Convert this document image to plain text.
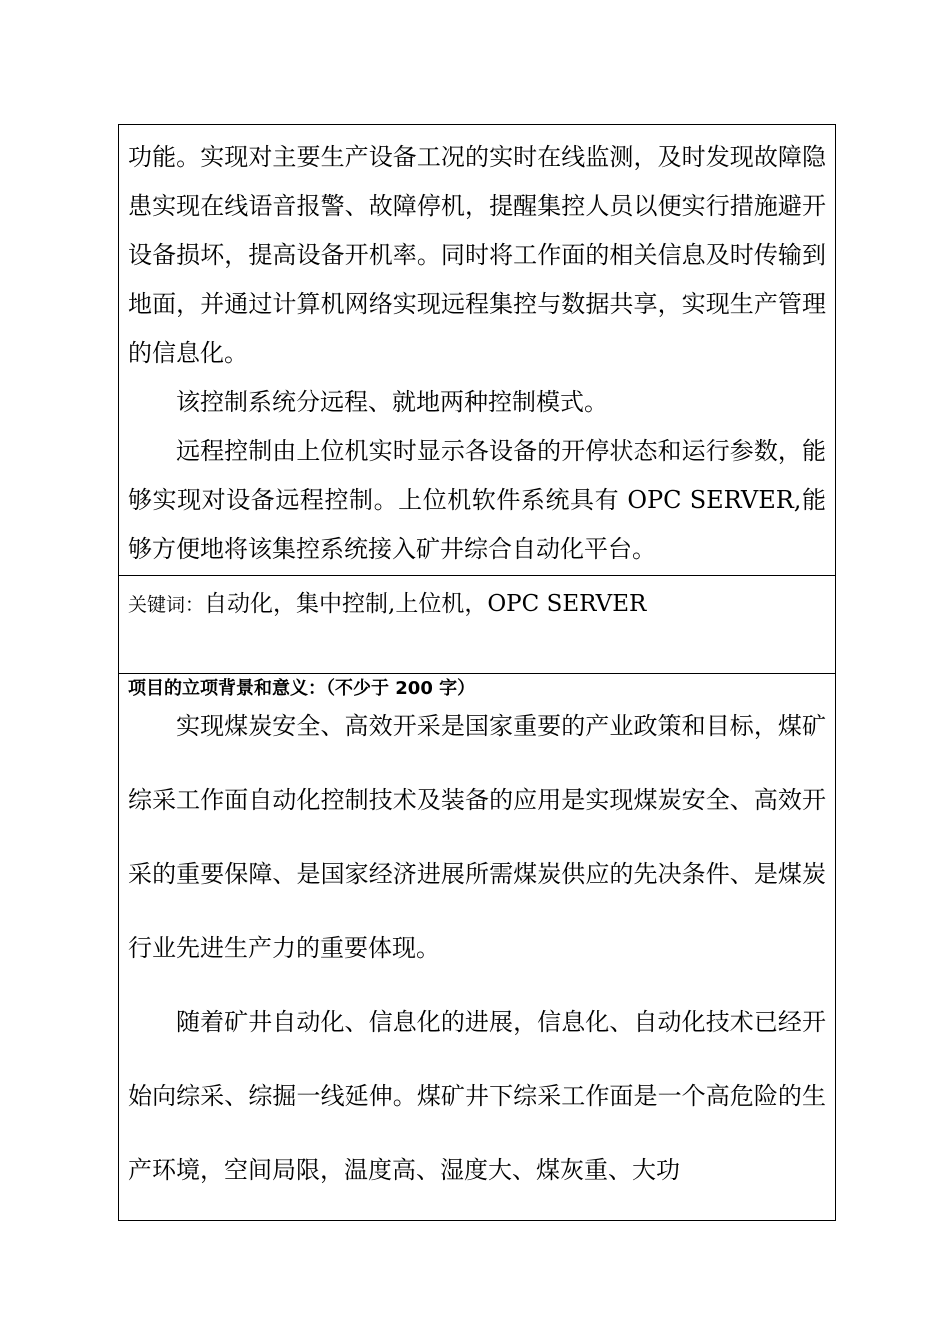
功能。实现对主要生产设备工况的实时在线监测，及时发现故障隐患实现在线语音报警、故障停机，提醒集控人员以便实行措施避开设备损坏，提高设备开机率。同时将工作面的相关信息及时传输到地面，并通过计算机网络实现远程集控与数据共享，实现生产管理的信息化。

该控制系统分远程、就地两种控制模式。

远程控制由上位机实时显示各设备的开停状态和运行参数，能够实现对设备远程控制。上位机软件系统具有 OPC SERVER,能够方便地将该集控系统接入矿井综合自动化平台。

关键词：自动化，集中控制,上位机，OPC SERVER
项目的立项背景和意义：（不少于 200 字）

实现煤炭安全、高效开采是国家重要的产业政策和目标，煤矿综采工作面自动化控制技术及装备的应用是实现煤炭安全、高效开采的重要保障、是国家经济进展所需煤炭供应的先决条件、是煤炭行业先进生产力的重要体现。

随着矿井自动化、信息化的进展，信息化、自动化技术已经开始向综采、综掘一线延伸。煤矿井下综采工作面是一个高危险的生产环境，空间局限，温度高、湿度大、煤灰重、大功
